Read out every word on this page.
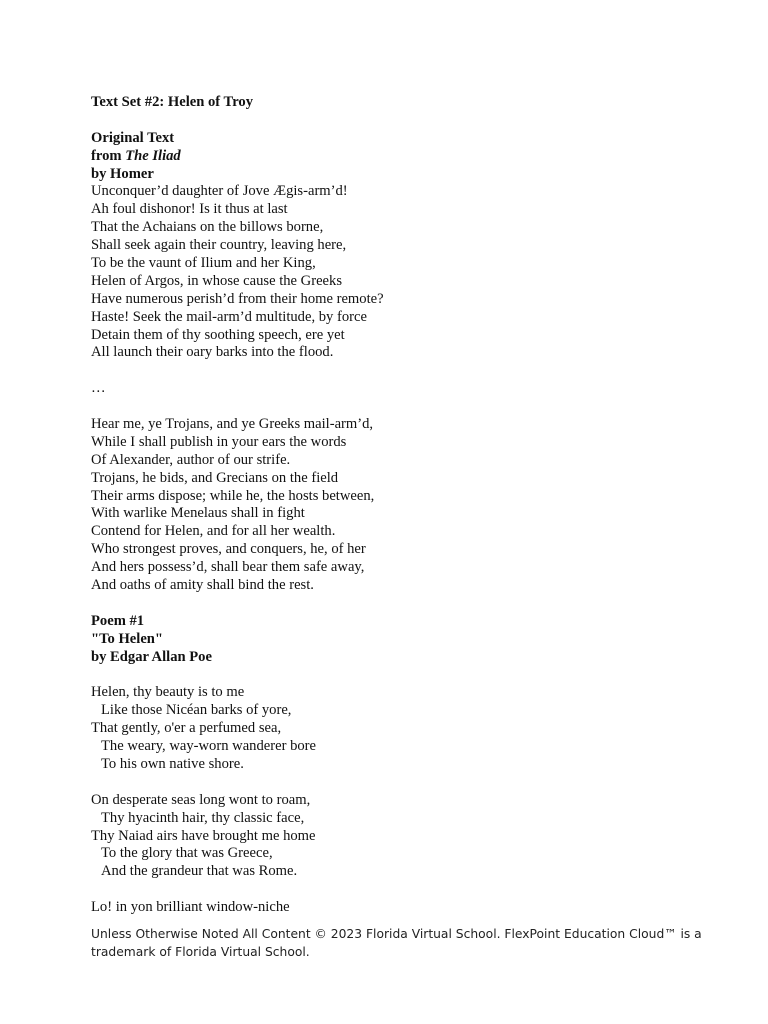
Text Set #2: Helen of Troy
Original Text
from The Iliad
by Homer
Unconquer’d daughter of Jove Ægis-arm’d!
Ah foul dishonor! Is it thus at last
That the Achaians on the billows borne,
Shall seek again their country, leaving here,
To be the vaunt of Ilium and her King,
Helen of Argos, in whose cause the Greeks
Have numerous perish’d from their home remote?
Haste! Seek the mail-arm’d multitude, by force
Detain them of thy soothing speech, ere yet
All launch their oary barks into the flood.
…
Hear me, ye Trojans, and ye Greeks mail-arm’d,
While I shall publish in your ears the words
Of Alexander, author of our strife.
Trojans, he bids, and Grecians on the field
Their arms dispose; while he, the hosts between,
With warlike Menelaus shall in fight
Contend for Helen, and for all her wealth.
Who strongest proves, and conquers, he, of her
And hers possess’d, shall bear them safe away,
And oaths of amity shall bind the rest.
Poem #1
"To Helen"
by Edgar Allan Poe
Helen, thy beauty is to me
Like those Nicéan barks of yore,
That gently, o'er a perfumed sea,
The weary, way-worn wanderer bore
To his own native shore.
On desperate seas long wont to roam,
Thy hyacinth hair, thy classic face,
Thy Naiad airs have brought me home
To the glory that was Greece,
And the grandeur that was Rome.
Lo! in yon brilliant window-niche
Unless Otherwise Noted All Content © 2023 Florida Virtual School. FlexPoint Education Cloud™ is a
trademark of Florida Virtual School.
